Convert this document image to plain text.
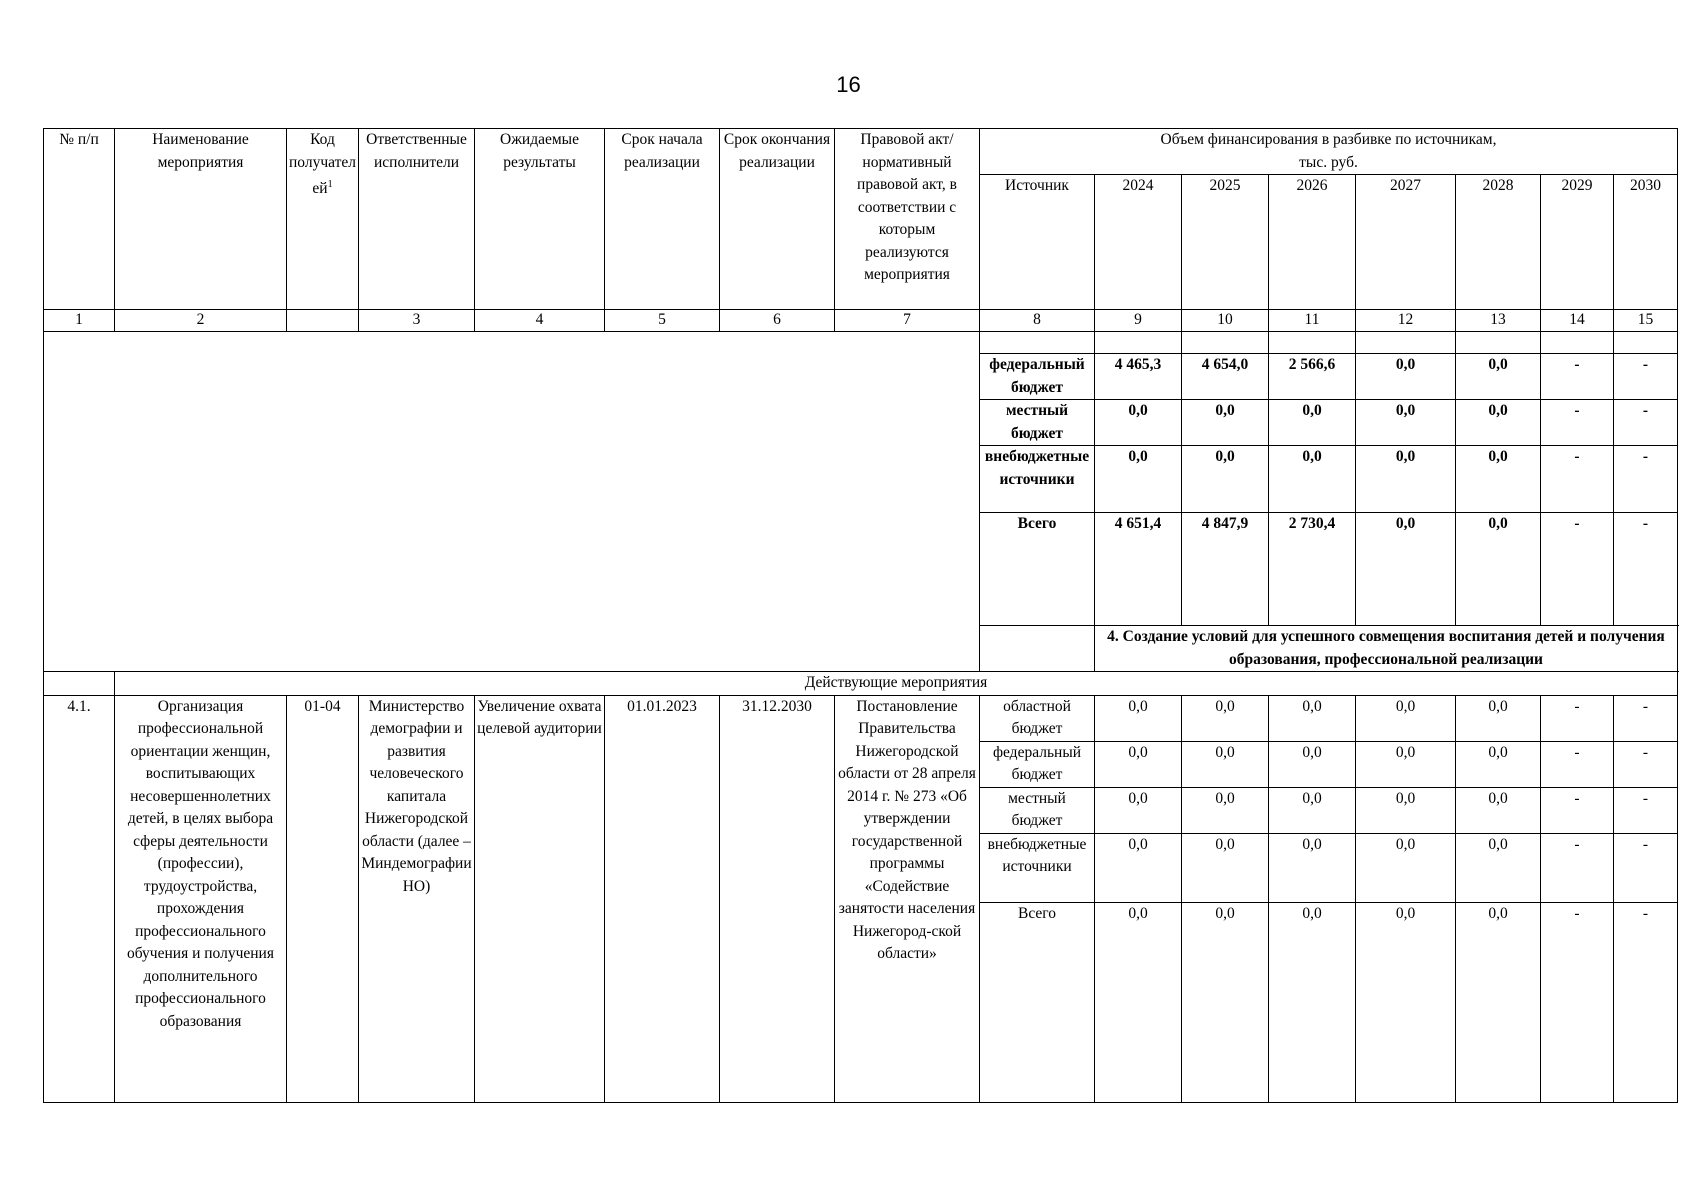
16
№ п/п	Наименование мероприятия	Код получателей$^1$	Ответственные исполнители	Ожидаемые результаты	Срок начала реализации	Срок окончания реализации	Правовой акт/нормативный правовой акт, в соответствии с которым реализуются мероприятия	Объем финансирования в разбивке по источникам, тыс. руб.							
								Источник	2024	2025	2026	2027	2028	2029	2030
1	2		3	4	5	6	7	8	9	10	11	12	13	14	15

								федеральный бюджет	4 465,3	4 654,0	2 566,6	0,0	0,0	-	-
								местный бюджет	0,0	0,0	0,0	0,0	0,0	-	-
								внебюджетные источники	0,0	0,0	0,0	0,0	0,0	-	-
								Всего	4 651,4	4 847,9	2 730,4	0,0	0,0	-	-
									4. Создание условий для успешного совмещения воспитания детей и получения образования, профессиональной реализации						
	Действующие мероприятия														
4.1.	Организация профессиональной ориентации женщин, воспитывающих несовершеннолетних детей, в целях выбора сферы деятельности (профессии), трудоустройства, прохождения профессионального обучения и получения дополнительного профессионального образования	01-04	Министерство демографии и развития человеческого капитала Нижегородской области (далее – Миндемографии НО)	Увеличение охвата целевой аудитории	01.01.2023	31.12.2030	Постановление Правительства Нижегородской области от 28 апреля 2014 г. № 273 «Об утверждении государственной программы «Содействие занятости населения Нижегород-ской области»	областной бюджет	0,0	0,0	0,0	0,0	0,0	-	-
								федеральный бюджет	0,0	0,0	0,0	0,0	0,0	-	-
								местный бюджет	0,0	0,0	0,0	0,0	0,0	-	-
								внебюджетные источники	0,0	0,0	0,0	0,0	0,0	-	-
								Всего	0,0	0,0	0,0	0,0	0,0	-	-
